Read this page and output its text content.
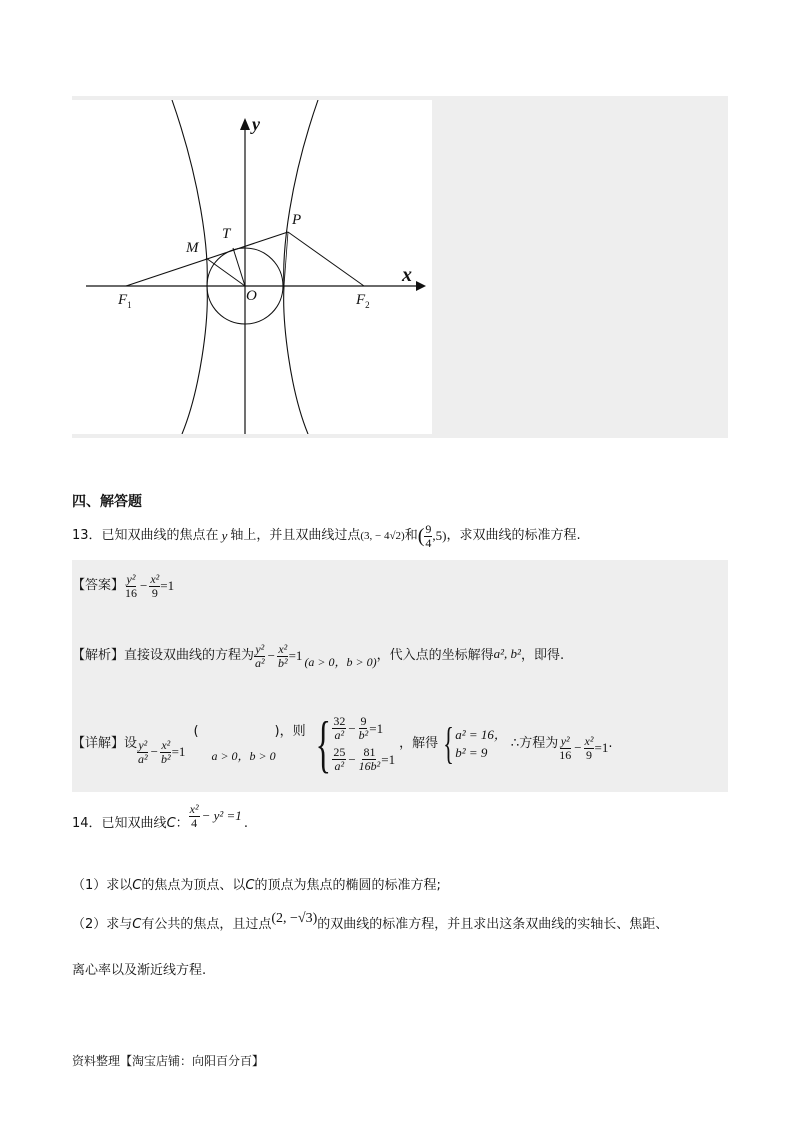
y
x
P
T
M
O
$F_1$	$F_2$
四、解答题
13． 已知双曲线的焦点在 y 轴上，并且双曲线过点 (3, − 4√2) 和 ( $\frac{9}{4} ,5$) ，求双曲线的标准方程.
【答案】 $\frac{\text{y²}}{16} - \frac{\text{x²}}{9} =1$
【解析】 直接设双曲线的方程为 $\frac{\text{y²}}{\text{a²}} - \frac{\text{x²}}{\text{b²}} =1$ (a > 0，b > 0) ，代入点的坐标解得 a², b² ，即得.
【详解】 设 $\frac{\text{y²}}{\text{a²}} - \frac{\text{x²}}{\text{b²}} =1$
(	)，则
a > 0，b > 0 { $\frac{32}{\text{a²}} - \frac{9}{\text{b²}} =1$
$\frac{25}{\text{a²}} - \frac{81}{\text{16b²}} =1$
，解得 { a² = 16，
b² = 9
∴方程为 $\frac{\text{y²}}{16} - \frac{\text{x²}}{9} =1$ .
14． 已知双曲线 C ： $\frac{\text{x²}}{4} - y^2 =1$
.
（1）求以C的焦点为顶点、以C的顶点为焦点的椭圆的标准方程;
（2）求与 C 有公共的焦点，且过点 (2, −√3) 的双曲线的标准方程，并且求出这条双曲线的实轴长、焦距、
离心率以及渐近线方程.
资料整理【淘宝店铺：向阳百分百】
